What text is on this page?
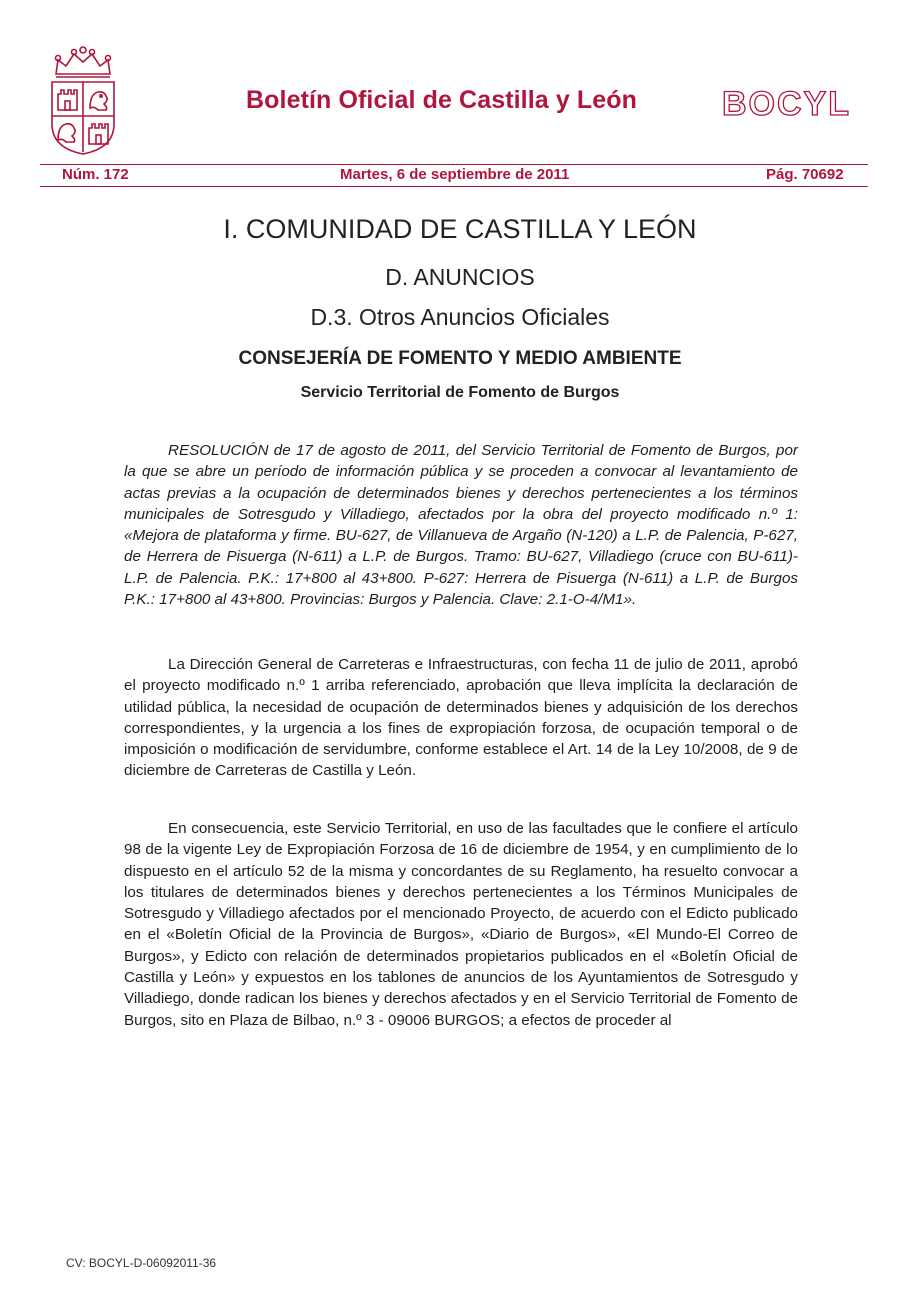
Boletín Oficial de Castilla y León	BOCYL
Núm. 172	Martes, 6 de septiembre de 2011	Pág. 70692
I. COMUNIDAD DE CASTILLA Y LEÓN
D. ANUNCIOS
D.3. Otros Anuncios Oficiales
CONSEJERÍA DE FOMENTO Y MEDIO AMBIENTE
Servicio Territorial de Fomento de Burgos

RESOLUCIÓN de 17 de agosto de 2011, del Servicio Territorial de Fomento de Burgos, por la que se abre un período de información pública y se proceden a convocar al levantamiento de actas previas a la ocupación de determinados bienes y derechos pertenecientes a los términos municipales de Sotresgudo y Villadiego, afectados por la obra del proyecto modificado n.º 1: «Mejora de plataforma y firme. BU-627, de Villanueva de Argaño (N-120) a L.P. de Palencia, P-627, de Herrera de Pisuerga (N-611) a L.P. de Burgos. Tramo: BU-627, Villadiego (cruce con BU-611)-L.P. de Palencia. P.K.: 17+800 al 43+800. P-627: Herrera de Pisuerga (N-611) a L.P. de Burgos P.K.: 17+800 al 43+800. Provincias: Burgos y Palencia. Clave: 2.1-O-4/M1».

La Dirección General de Carreteras e Infraestructuras, con fecha 11 de julio de 2011, aprobó el proyecto modificado n.º 1 arriba referenciado, aprobación que lleva implícita la declaración de utilidad pública, la necesidad de ocupación de determinados bienes y adquisición de los derechos correspondientes, y la urgencia a los fines de expropiación forzosa, de ocupación temporal o de imposición o modificación de servidumbre, conforme establece el Art. 14 de la Ley 10/2008, de 9 de diciembre de Carreteras de Castilla y León.

En consecuencia, este Servicio Territorial, en uso de las facultades que le confiere el artículo 98 de la vigente Ley de Expropiación Forzosa de 16 de diciembre de 1954, y en cumplimiento de lo dispuesto en el artículo 52 de la misma y concordantes de su Reglamento, ha resuelto convocar a los titulares de determinados bienes y derechos pertenecientes a los Términos Municipales de Sotresgudo y Villadiego afectados por el mencionado Proyecto, de acuerdo con el Edicto publicado en el «Boletín Oficial de la Provincia de Burgos», «Diario de Burgos», «El Mundo-El Correo de Burgos», y Edicto con relación de determinados propietarios publicados en el «Boletín Oficial de Castilla y León» y expuestos en los tablones de anuncios de los Ayuntamientos de Sotresgudo y Villadiego, donde radican los bienes y derechos afectados y en el Servicio Territorial de Fomento de Burgos, sito en Plaza de Bilbao, n.º 3 - 09006 BURGOS; a efectos de proceder al

CV: BOCYL-D-06092011-36
